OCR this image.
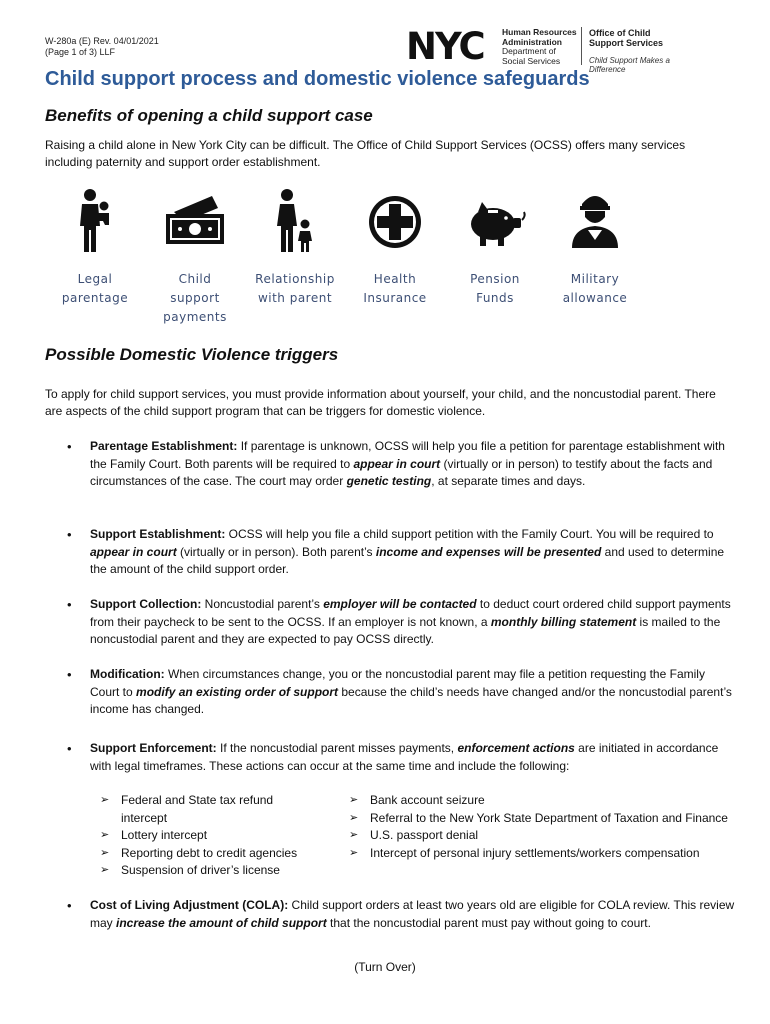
W-280a (E) Rev. 04/01/2021
(Page 1 of 3) LLF	NYC	Human Resources
Administration
Department of
Social Services
Office of Child
Support Services
Child Support Makes a Difference
Child support process and domestic violence safeguards
Benefits of opening a child support case

Raising a child alone in New York City can be difficult. The Office of Child Support Services (OCSS) offers many services including paternity and support order establishment.

Legal
parentage
Child
support
payments
Relationship
with parent
Health
Insurance
Pension
Funds
Military
allowance
Possible Domestic Violence triggers

To apply for child support services, you must provide information about yourself, your child, and the noncustodial parent. There are aspects of the child support program that can be triggers for domestic violence.

• Parentage Establishment: If parentage is unknown, OCSS will help you file a petition for parentage establishment with the Family Court. Both parents will be required to appear in court (virtually or in person) to testify about the facts and circumstances of the case. The court may order genetic testing, at separate times and days.
• Support Establishment: OCSS will help you file a child support petition with the Family Court. You will be required to appear in court (virtually or in person). Both parent’s income and expenses will be presented and used to determine the amount of the child support order.
• Support Collection: Noncustodial parent’s employer will be contacted to deduct court ordered child support payments from their paycheck to be sent to the OCSS. If an employer is not known, a monthly billing statement is mailed to the noncustodial parent and they are expected to pay OCSS directly.
• Modification: When circumstances change, you or the noncustodial parent may file a petition requesting the Family Court to modify an existing order of support because the child’s needs have changed and/or the noncustodial parent’s income has changed.
• Support Enforcement: If the noncustodial parent misses payments, enforcement actions are initiated in accordance with legal timeframes. These actions can occur at the same time and include the following:
• Cost of Living Adjustment (COLA): Child support orders at least two years old are eligible for COLA review. This review may increase the amount of child support that the noncustodial parent must pay without going to court.
➢ Federal and State tax refund intercept
➢ Lottery intercept
➢ Reporting debt to credit agencies
➢ Suspension of driver’s license
➢ Bank account seizure
➢ Referral to the New York State Department of Taxation and Finance
➢ U.S. passport denial
➢ Intercept of personal injury settlements/workers compensation
(Turn Over)
